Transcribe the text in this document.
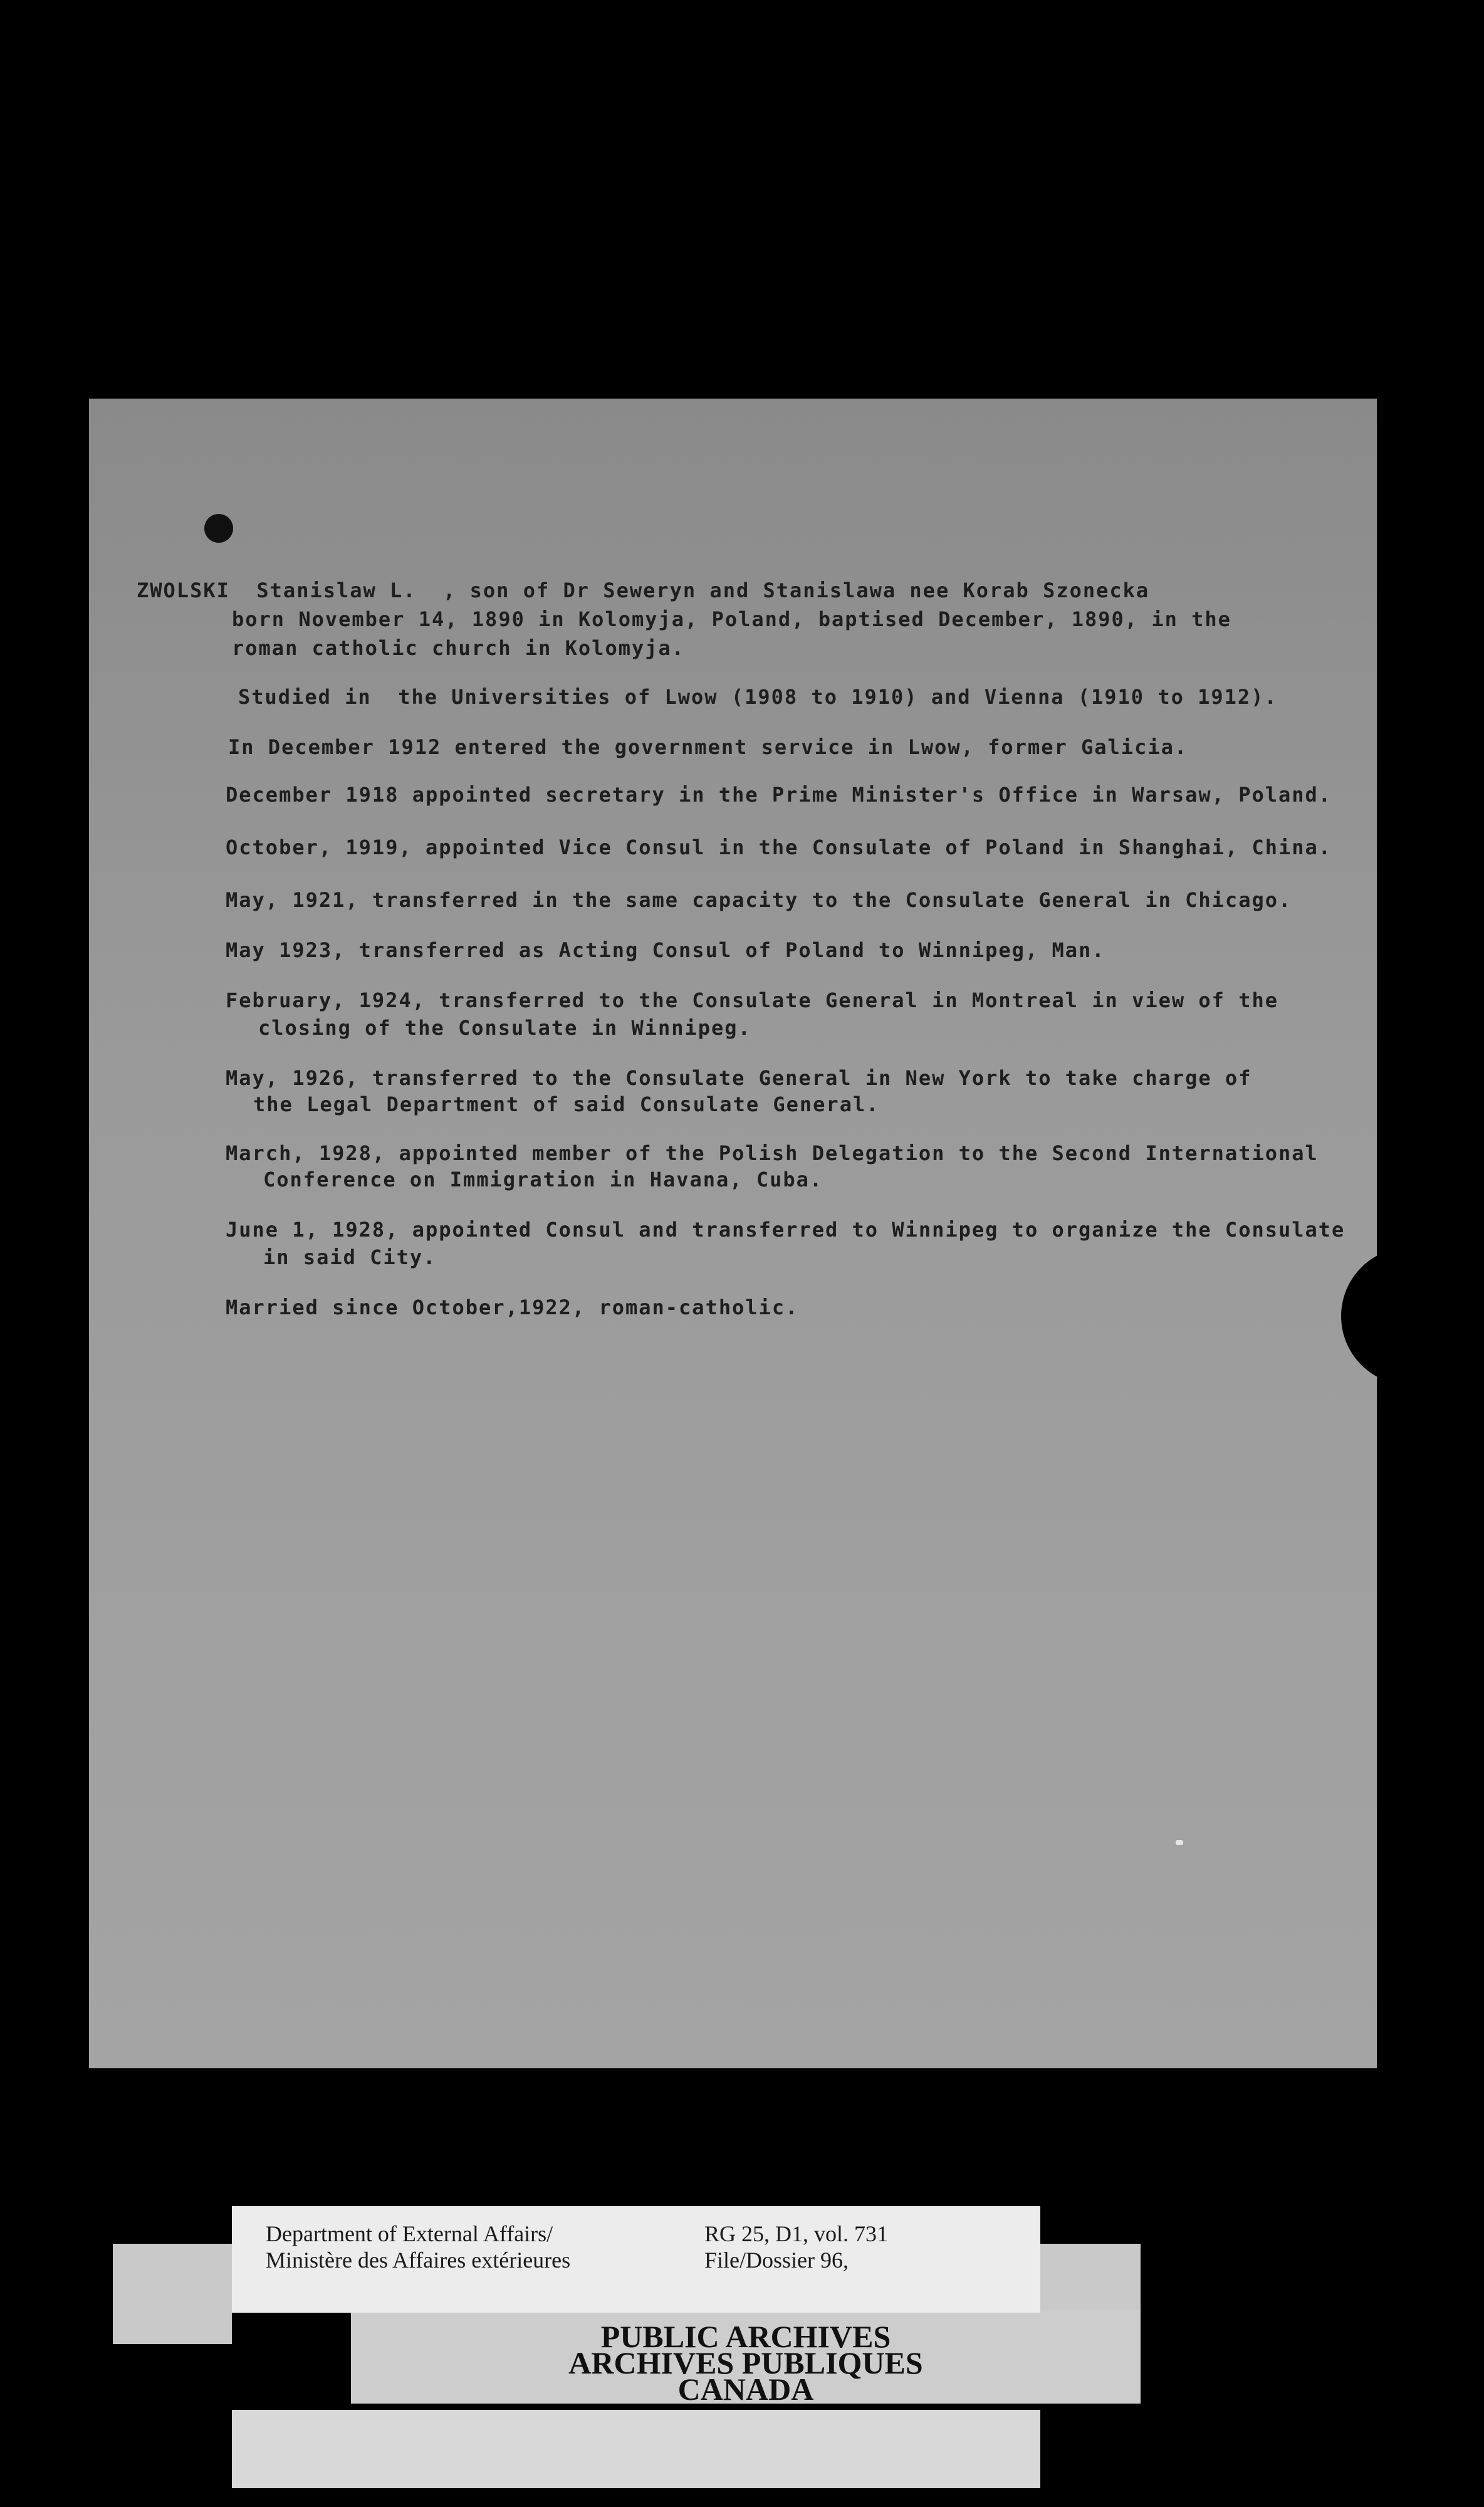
ZWOLSKI  Stanislaw L.  , son of Dr Seweryn and Stanislawa nee Korab Szonecka
born November 14, 1890 in Kolomyja, Poland, baptised December, 1890, in the
roman catholic church in Kolomyja.
Studied in  the Universities of Lwow (1908 to 1910) and Vienna (1910 to 1912).
In December 1912 entered the government service in Lwow, former Galicia.
December 1918 appointed secretary in the Prime Minister's Office in Warsaw, Poland.
October, 1919, appointed Vice Consul in the Consulate of Poland in Shanghai, China.
May, 1921, transferred in the same capacity to the Consulate General in Chicago.
May 1923, transferred as Acting Consul of Poland to Winnipeg, Man.
February, 1924, transferred to the Consulate General in Montreal in view of the
closing of the Consulate in Winnipeg.
May, 1926, transferred to the Consulate General in New York to take charge of
the Legal Department of said Consulate General.
March, 1928, appointed member of the Polish Delegation to the Second International
Conference on Immigration in Havana, Cuba.
June 1, 1928, appointed Consul and transferred to Winnipeg to organize the Consulate
in said City.
Married since October,1922, roman-catholic.
PUBLIC ARCHIVES
ARCHIVES PUBLIQUES
CANADA
Department of External Affairs/
Ministère des Affaires extérieures
RG 25, D1, vol. 731
File/Dossier 96,
